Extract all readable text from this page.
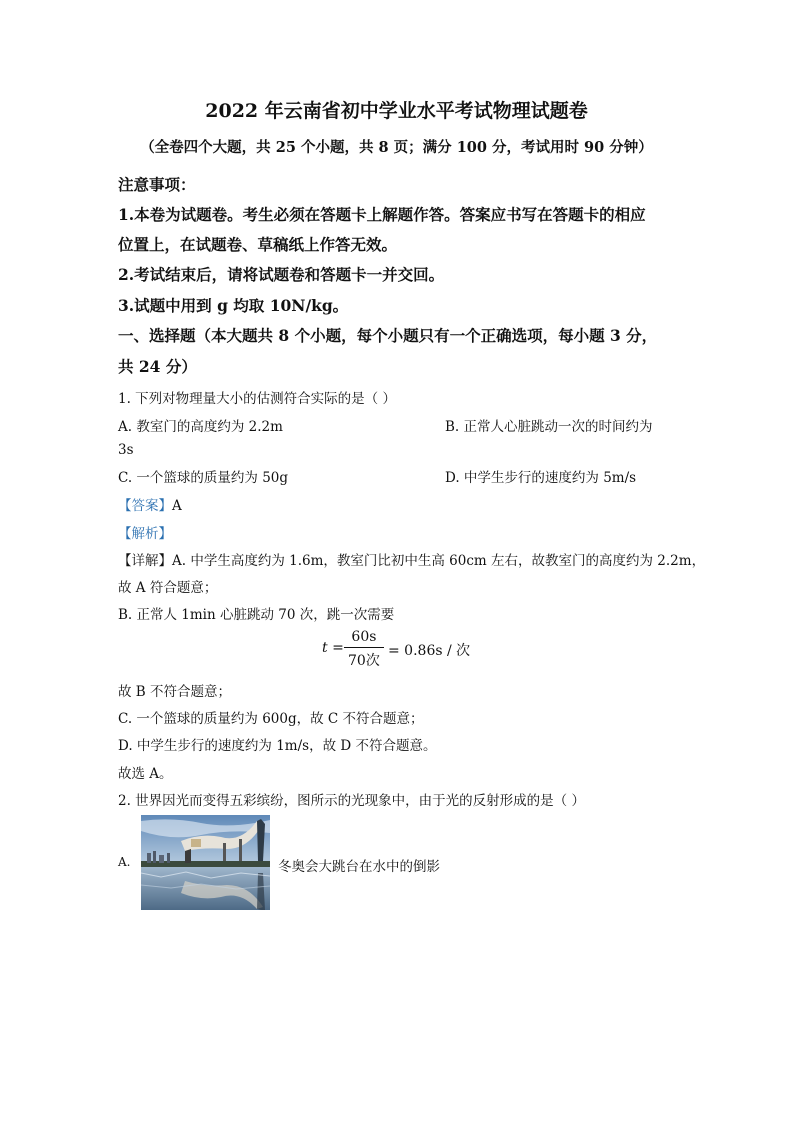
2022 年云南省初中学业水平考试物理试题卷
（全卷四个大题，共 25 个小题，共 8 页；满分 100 分，考试用时 90 分钟）
注意事项：
1.本卷为试题卷。考生必须在答题卡上解题作答。答案应书写在答题卡的相应
位置上，在试题卷、草稿纸上作答无效。
2.考试结束后，请将试题卷和答题卡一并交回。
3.试题中用到 g 均取 10N/kg。
一、选择题（本大题共 8 个小题，每个小题只有一个正确选项，每小题 3 分，
共 24 分）
1. 下列对物理量大小的估测符合实际的是（ ）
A. 教室门的高度约为 2.2m	B. 正常人心脏跳动一次的时间约为
3s
C. 一个篮球的质量约为 50g	D. 中学生步行的速度约为 5m/s
【答案】A
【解析】
【详解】A. 中学生高度约为 1.6m，教室门比初中生高 60cm 左右，故教室门的高度约为 2.2m，
故 A 符合题意；
B. 正常人 1min 心脏跳动 70 次，跳一次需要
t =
60s
70次
= 0.86s / 次
故 B 不符合题意；
C. 一个篮球的质量约为 600g，故 C 不符合题意；
D. 中学生步行的速度约为 1m/s，故 D 不符合题意。
故选 A。
2. 世界因光而变得五彩缤纷，图所示的光现象中，由于光的反射形成的是（ ）
A.	冬奥会大跳台在水中的倒影
